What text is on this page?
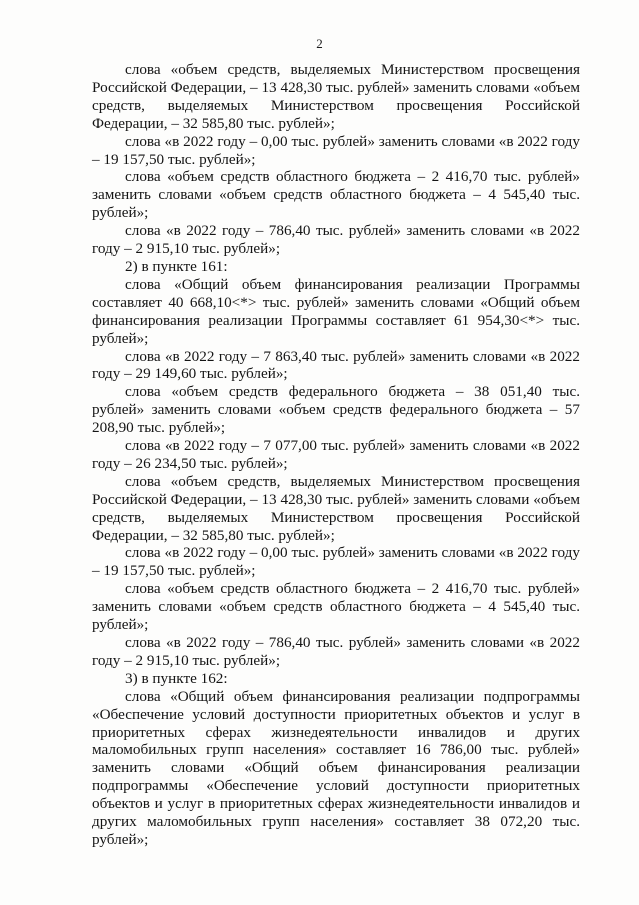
2

слова «объем средств, выделяемых Министерством просвещения Российской Федерации, – 13 428,30 тыс. рублей» заменить словами «объем средств, выделяемых Министерством просвещения Российской Федерации, – 32 585,80 тыс. рублей»;

слова «в 2022 году – 0,00 тыс. рублей» заменить словами «в 2022 году – 19 157,50 тыс. рублей»;

слова «объем средств областного бюджета – 2 416,70 тыс. рублей» заменить словами «объем средств областного бюджета – 4 545,40 тыс. рублей»;

слова «в 2022 году – 786,40 тыс. рублей» заменить словами «в 2022 году – 2 915,10 тыс. рублей»;

2) в пункте 161:

слова «Общий объем финансирования реализации Программы составляет 40 668,10<*> тыс. рублей» заменить словами «Общий объем финансирования реализации Программы составляет 61 954,30<*> тыс. рублей»;

слова «в 2022 году – 7 863,40 тыс. рублей» заменить словами «в 2022 году – 29 149,60 тыс. рублей»;

слова «объем средств федерального бюджета – 38 051,40 тыс. рублей» заменить словами «объем средств федерального бюджета – 57 208,90 тыс. рублей»;

слова «в 2022 году – 7 077,00 тыс. рублей» заменить словами «в 2022 году – 26 234,50 тыс. рублей»;

слова «объем средств, выделяемых Министерством просвещения Российской Федерации, – 13 428,30 тыс. рублей» заменить словами «объем средств, выделяемых Министерством просвещения Российской Федерации, – 32 585,80 тыс. рублей»;

слова «в 2022 году – 0,00 тыс. рублей» заменить словами «в 2022 году – 19 157,50 тыс. рублей»;

слова «объем средств областного бюджета – 2 416,70 тыс. рублей» заменить словами «объем средств областного бюджета – 4 545,40 тыс. рублей»;

слова «в 2022 году – 786,40 тыс. рублей» заменить словами «в 2022 году – 2 915,10 тыс. рублей»;

3) в пункте 162:

слова «Общий объем финансирования реализации подпрограммы «Обеспечение условий доступности приоритетных объектов и услуг в приоритетных сферах жизнедеятельности инвалидов и других маломобильных групп населения» составляет 16 786,00 тыс. рублей» заменить словами «Общий объем финансирования реализации подпрограммы «Обеспечение условий доступности приоритетных объектов и услуг в приоритетных сферах жизнедеятельности инвалидов и других маломобильных групп населения» составляет 38 072,20 тыс. рублей»;
